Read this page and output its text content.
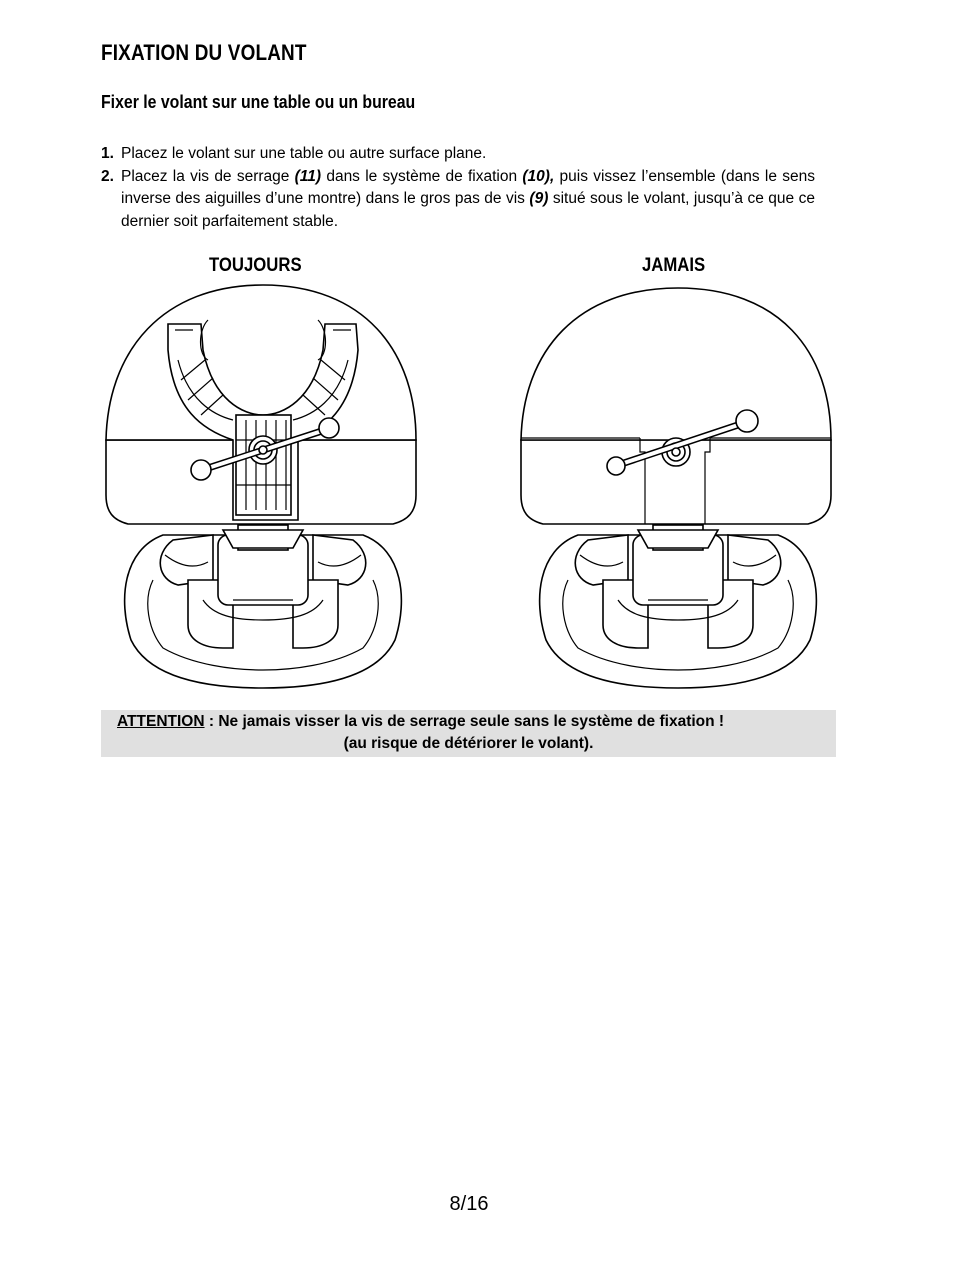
FIXATION DU VOLANT
Fixer le volant sur une table ou un bureau
1. Placez le volant sur une table ou autre surface plane.
2. Placez la vis de serrage (11) dans le système de fixation (10), puis vissez l’ensemble (dans le sens inverse des aiguilles d’une montre) dans le gros pas de vis (9) situé sous le volant, jusqu’à ce que ce dernier soit parfaitement stable.
TOUJOURS	JAMAIS
ATTENTION : Ne jamais visser la vis de serrage seule sans le système de fixation !
(au risque de détériorer le volant).
8/16
